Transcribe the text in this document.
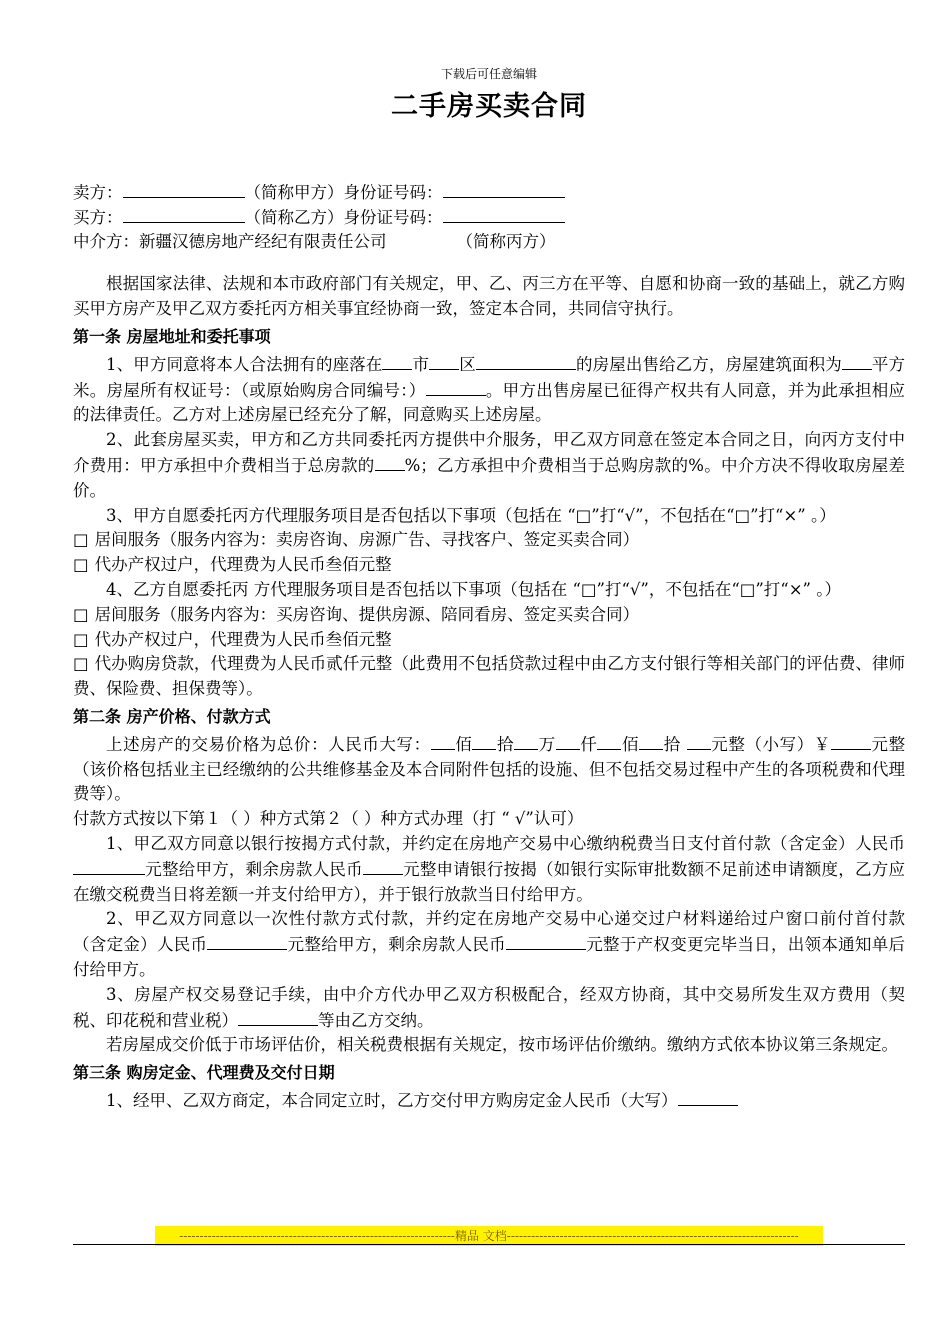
下载后可任意编辑
二手房买卖合同
卖方：	（简称甲方）身份证号码：
买方：	（简称乙方）身份证号码：
中介方：新疆汉德房地产经纪有限责任公司	（简称丙方）
根据国家法律、法规和本市政府部门有关规定，甲、乙、丙三方在平等、自愿和协商一致的基础上，就乙方购买甲方房产及甲乙双方委托丙方相关事宜经协商一致，签定本合同，共同信守执行。
第一条 房屋地址和委托事项
1、甲方同意将本人合法拥有的座落在 市 区	的房屋出售给乙方，房屋建筑面积为 平方米。房屋所有权证号：（或原始购房合同编号：）	。甲方出售房屋已征得产权共有人同意，并为此承担相应的法律责任。乙方对上述房屋已经充分了解，同意购买上述房屋。
2、此套房屋买卖，甲方和乙方共同委托丙方提供中介服务，甲乙双方同意在签定本合同之日，向丙方支付中介费用：甲方承担中介费相当于总房款的 %；乙方承担中介费相当于总购房款的%。中介方决不得收取房屋差价。
3、甲方自愿委托丙方代理服务项目是否包括以下事项（包括在 “□”打“√”，不包括在“□”打“×” 。）
□ 居间服务（服务内容为：卖房咨询、房源广告、寻找客户、签定买卖合同）
□ 代办产权过户，代理费为人民币叁佰元整
4、乙方自愿委托丙 方代理服务项目是否包括以下事项（包括在 “□”打“√”，不包括在“□”打“×” 。）
□ 居间服务（服务内容为：买房咨询、提供房源、陪同看房、签定买卖合同）
□ 代办产权过户，代理费为人民币叁佰元整
□ 代办购房贷款，代理费为人民币贰仟元整（此费用不包括贷款过程中由乙方支付银行等相关部门的评估费、律师费、保险费、担保费等）。
第二条 房产价格、付款方式
上述房产的交易价格为总价：人民币大写： 佰 拾 万 仟 佰 拾 元整（小写）￥ 元整（该价格包括业主已经缴纳的公共维修基金及本合同附件包括的设施、但不包括交易过程中产生的各项税费和代理费等）。
付款方式按以下第１（ ）种方式第２（ ）种方式办理（打 “ √”认可）
1、甲乙双方同意以银行按揭方式付款，并约定在房地产交易中心缴纳税费当日支付首付款（含定金）人民币元整给甲方，剩余房款人民币 元整申请银行按揭（如银行实际审批数额不足前述申请额度，乙方应在缴交税费当日将差额一并支付给甲方），并于银行放款当日付给甲方。
2、甲乙双方同意以一次性付款方式付款，并约定在房地产交易中心递交过户材料递给过户窗口前付首付款（含定金）人民币	元整给甲方，剩余房款人民币	元整于产权变更完毕当日，出领本通知单后付给甲方。
3、房屋产权交易登记手续，由中介方代办甲乙双方积极配合，经双方协商，其中交易所发生双方费用（契税、印花税和营业税）	等由乙方交纳。
若房屋成交价低于市场评估价，相关税费根据有关规定，按市场评估价缴纳。缴纳方式依本协议第三条规定。
第三条 购房定金、代理费及交付日期
1、经甲、乙双方商定，本合同定立时，乙方交付甲方购房定金人民币（大写）
--------------------------------------------------------------------精品 文档------------------------------------------------------------------------
